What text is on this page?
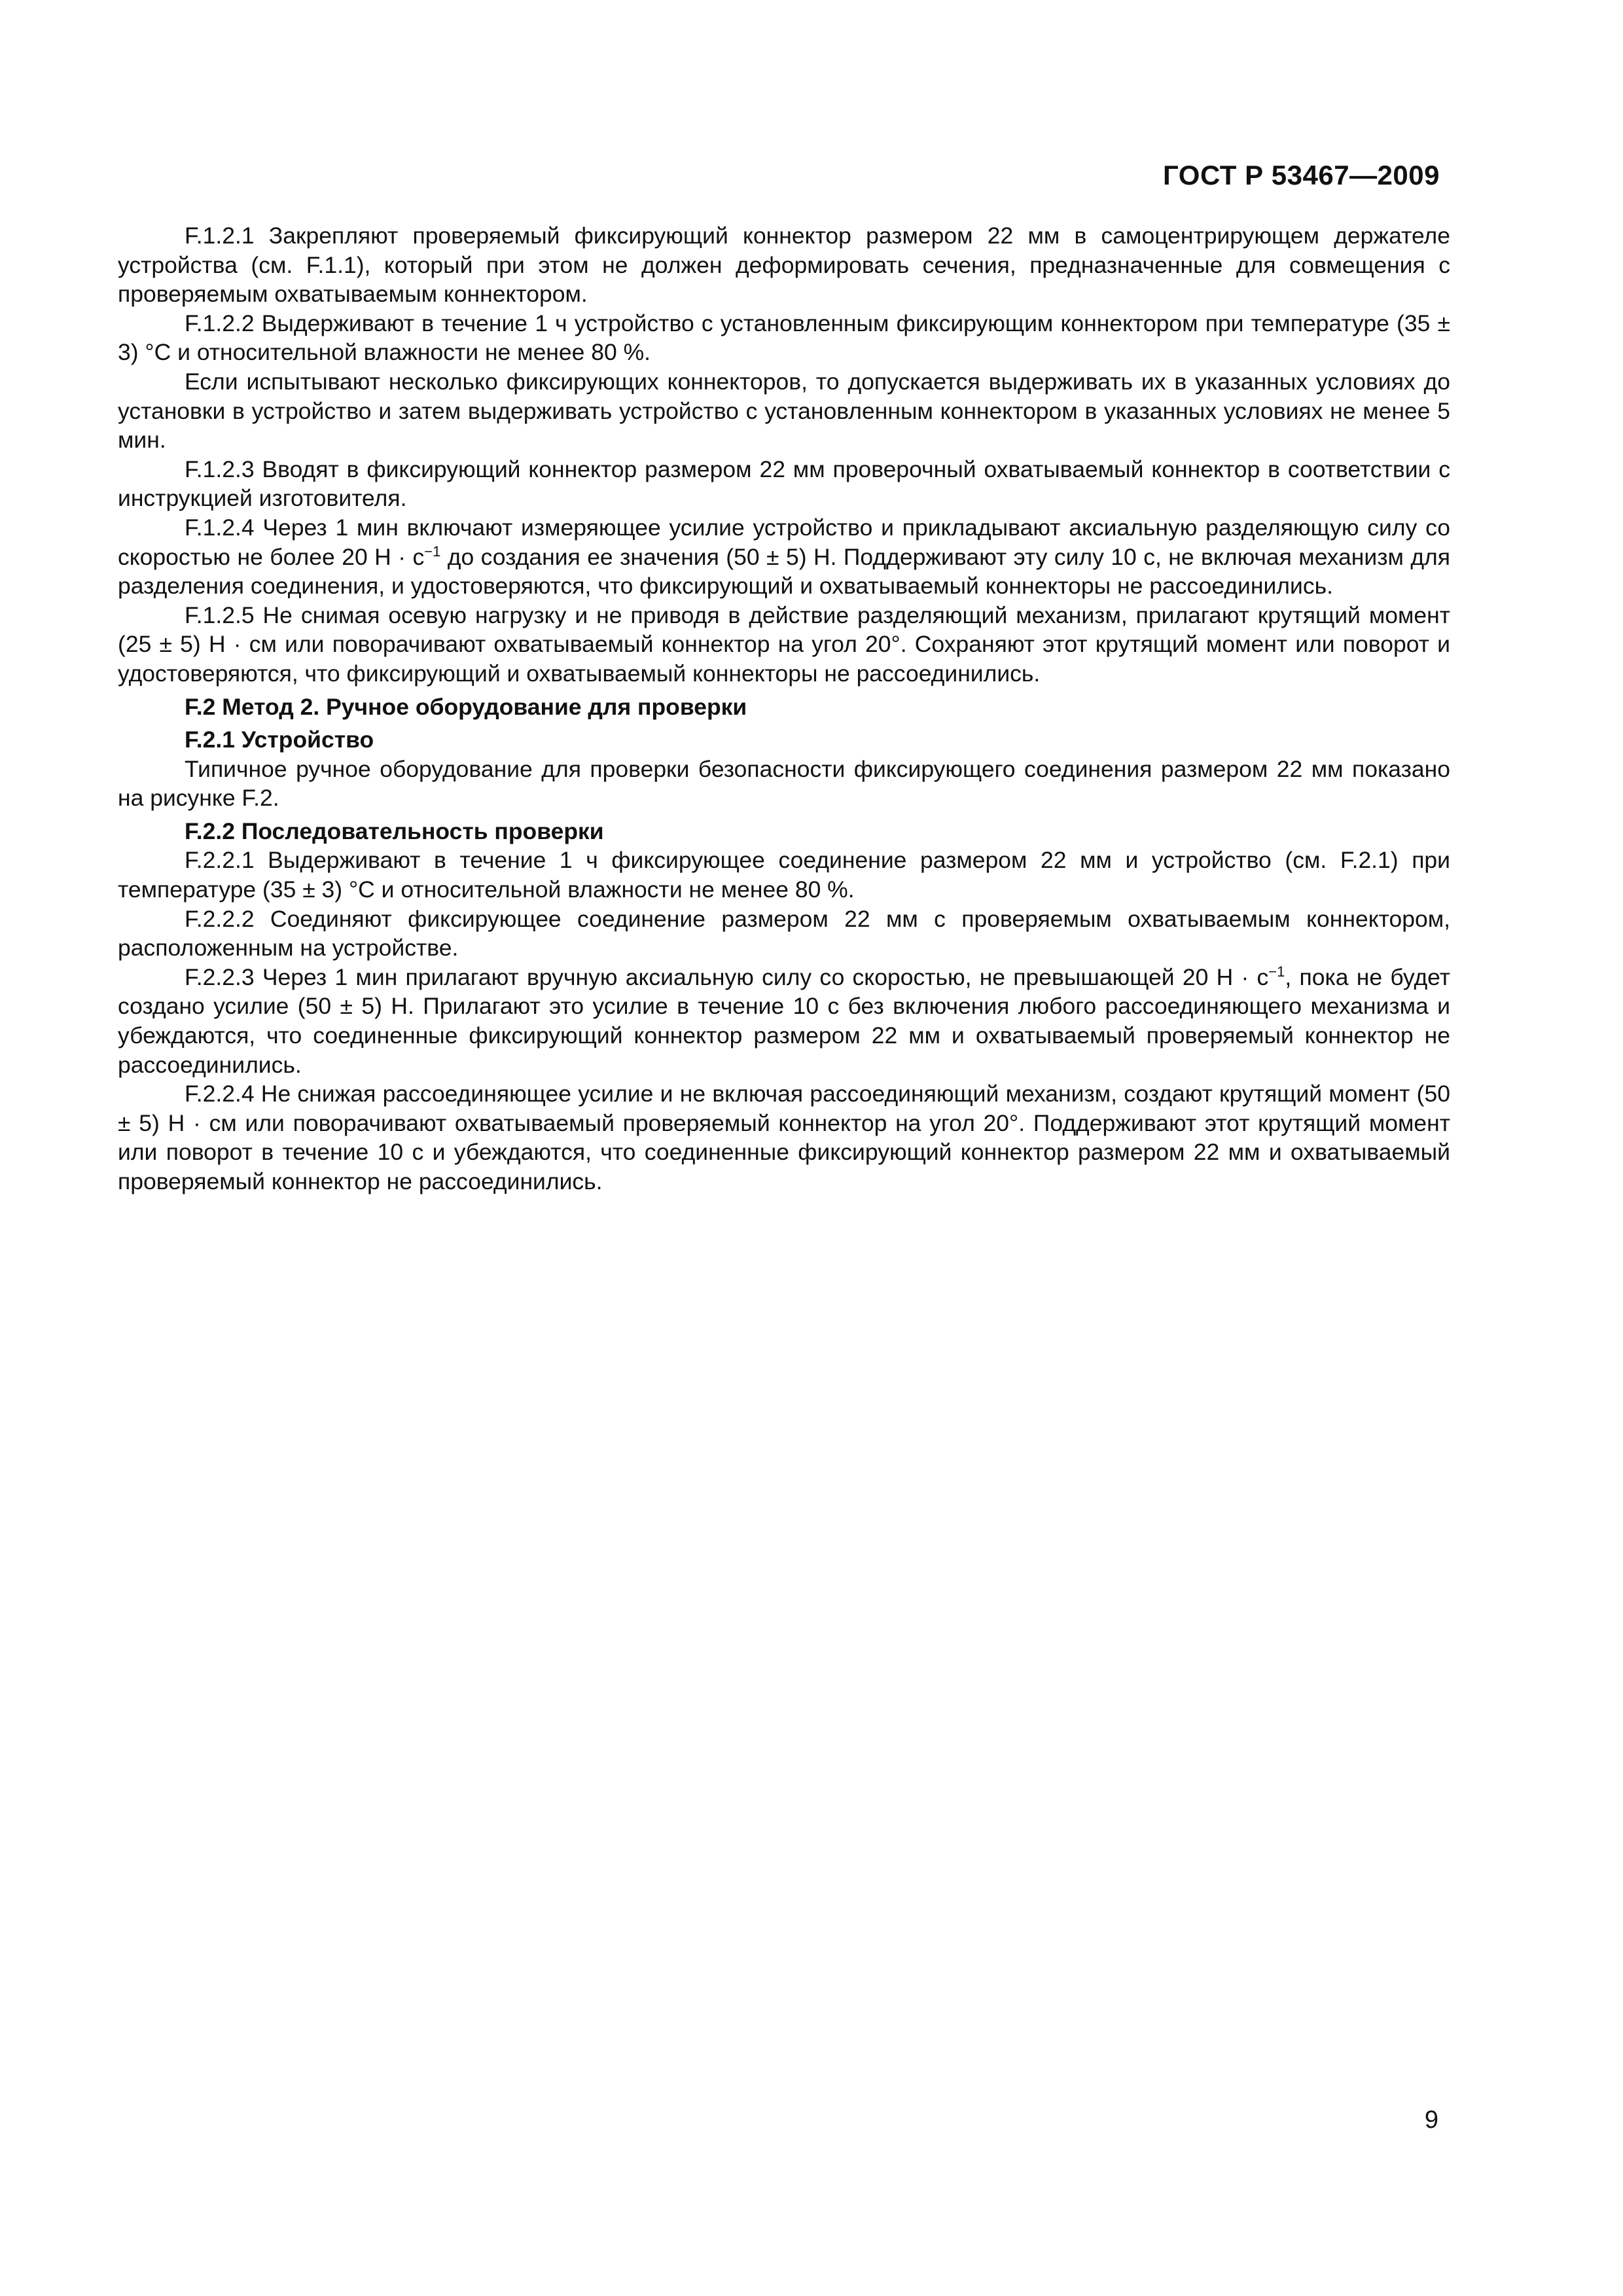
ГОСТ Р 53467—2009

F.1.2.1 Закрепляют проверяемый фиксирующий коннектор размером 22 мм в самоцентрирующем держателе устройства (см. F.1.1), который при этом не должен деформировать сечения, предназначенные для совмещения с проверяемым охватываемым коннектором.

F.1.2.2 Выдерживают в течение 1 ч устройство с установленным фиксирующим коннектором при температуре (35 ± 3) °С и относительной влажности не менее 80 %.

Если испытывают несколько фиксирующих коннекторов, то допускается выдерживать их в указанных условиях до установки в устройство и затем выдерживать устройство с установленным коннектором в указанных условиях не менее 5 мин.

F.1.2.3 Вводят в фиксирующий коннектор размером 22 мм проверочный охватываемый коннектор в соответствии с инструкцией изготовителя.

F.1.2.4 Через 1 мин включают измеряющее усилие устройство и прикладывают аксиальную разделяющую силу со скоростью не более 20 $Н \cdot с^{-1}$ до создания ее значения (50 ± 5) Н. Поддерживают эту силу 10 с, не включая механизм для разделения соединения, и удостоверяются, что фиксирующий и охватываемый коннекторы не рассоединились.

F.1.2.5 Не снимая осевую нагрузку и не приводя в действие разделяющий механизм, прилагают крутящий момент (25 ± 5) Н · см или поворачивают охватываемый коннектор на угол 20°. Сохраняют этот крутящий момент или поворот и удостоверяются, что фиксирующий и охватываемый коннекторы не рассоединились.

F.2 Метод 2. Ручное оборудование для проверки

F.2.1 Устройство

Типичное ручное оборудование для проверки безопасности фиксирующего соединения размером 22 мм показано на рисунке F.2.

F.2.2 Последовательность проверки

F.2.2.1 Выдерживают в течение 1 ч фиксирующее соединение размером 22 мм и устройство (см. F.2.1) при температуре (35 ± 3) °С и относительной влажности не менее 80 %.

F.2.2.2 Соединяют фиксирующее соединение размером 22 мм с проверяемым охватываемым коннектором, расположенным на устройстве.

F.2.2.3 Через 1 мин прилагают вручную аксиальную силу со скоростью, не превышающей 20 $Н \cdot с^{-1}$, пока не будет создано усилие (50 ± 5) Н. Прилагают это усилие в течение 10 с без включения любого рассоединяющего механизма и убеждаются, что соединенные фиксирующий коннектор размером 22 мм и охватываемый проверяемый коннектор не рассоединились.

F.2.2.4 Не снижая рассоединяющее усилие и не включая рассоединяющий механизм, создают крутящий момент (50 ± 5) Н · см или поворачивают охватываемый проверяемый коннектор на угол 20°. Поддерживают этот крутящий момент или поворот в течение 10 с и убеждаются, что соединенные фиксирующий коннектор размером 22 мм и охватываемый проверяемый коннектор не рассоединились.

9
